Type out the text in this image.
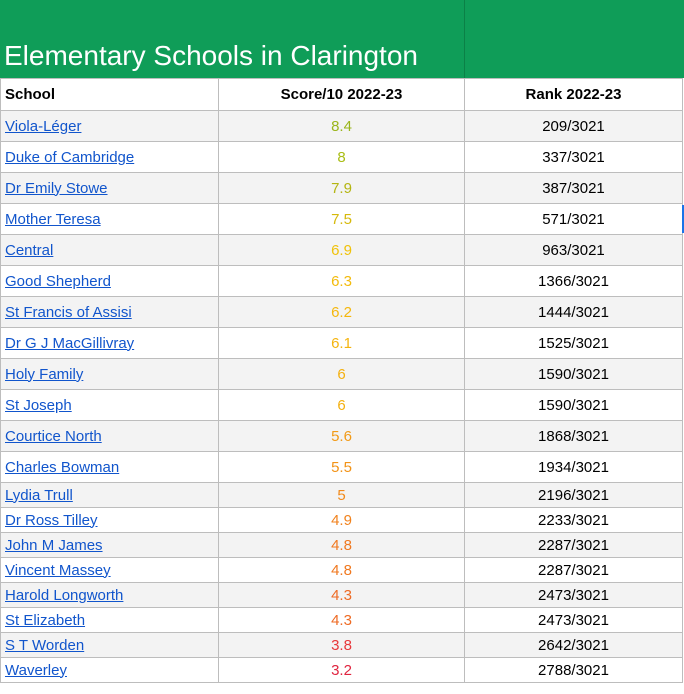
Elementary Schools in Clarington
School	Score/10 2022-23	Rank 2022-23	
Viola-Léger	8.4	209/3021	
Duke of Cambridge	8	337/3021	
Dr Emily Stowe	7.9	387/3021	
Mother Teresa	7.5	571/3021	
Central	6.9	963/3021	
Good Shepherd	6.3	1366/3021	
St Francis of Assisi	6.2	1444/3021	
Dr G J MacGillivray	6.1	1525/3021	
Holy Family	6	1590/3021	
St Joseph	6	1590/3021	
Courtice North	5.6	1868/3021	
Charles Bowman	5.5	1934/3021	
Lydia Trull	5	2196/3021	
Dr Ross Tilley	4.9	2233/3021	
John M James	4.8	2287/3021	
Vincent Massey	4.8	2287/3021	
Harold Longworth	4.3	2473/3021	
St Elizabeth	4.3	2473/3021	
S T Worden	3.8	2642/3021	
Waverley	3.2	2788/3021	
